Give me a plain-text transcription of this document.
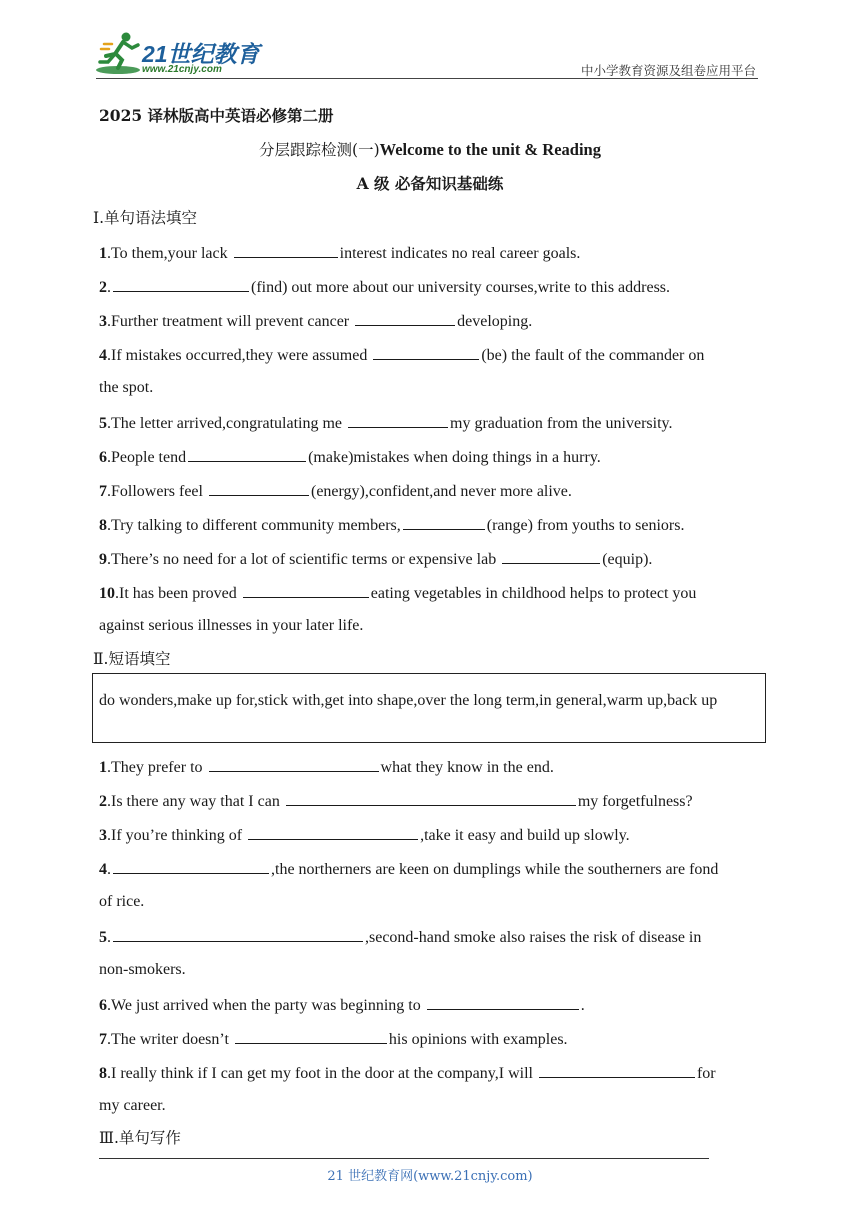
21世纪教育
www.21cnjy.com	中小学教育资源及组卷应用平台
2025 译林版高中英语必修第二册
分层跟踪检测(一)Welcome to the unit & Reading
A 级 必备知识基础练
Ⅰ.单句语法填空
1.To them,your lack	interest indicates no real career goals.
2.	(find) out more about our university courses,write to this address.
3.Further treatment will prevent cancer	developing.
4.If mistakes occurred,they were assumed	(be) the fault of the commander on
the spot.
5.The letter arrived,congratulating me	my graduation from the university.
6.People tend	(make)mistakes when doing things in a hurry.
7.Followers feel	(energy),confident,and never more alive.
8.Try talking to different community members,	(range) from youths to seniors.
9.There’s no need for a lot of scientific terms or expensive lab	(equip).
10.It has been proved	eating vegetables in childhood helps to protect you
against serious illnesses in your later life.
Ⅱ.短语填空
do wonders,make up for,stick with,get into shape,over the long term,in general,warm up,back up
1.They prefer to	what they know in the end.
2.Is there any way that I can	my forgetfulness?
3.If you’re thinking of	,take it easy and build up slowly.
4.	,the northerners are keen on dumplings while the southerners are fond
of rice.
5.	,second-hand smoke also raises the risk of disease in
non-smokers.
6.We just arrived when the party was beginning to	.
7.The writer doesn’t	his opinions with examples.
8.I really think if I can get my foot in the door at the company,I will	for
my career.
Ⅲ.单句写作
21 世纪教育网(www.21cnjy.com)
